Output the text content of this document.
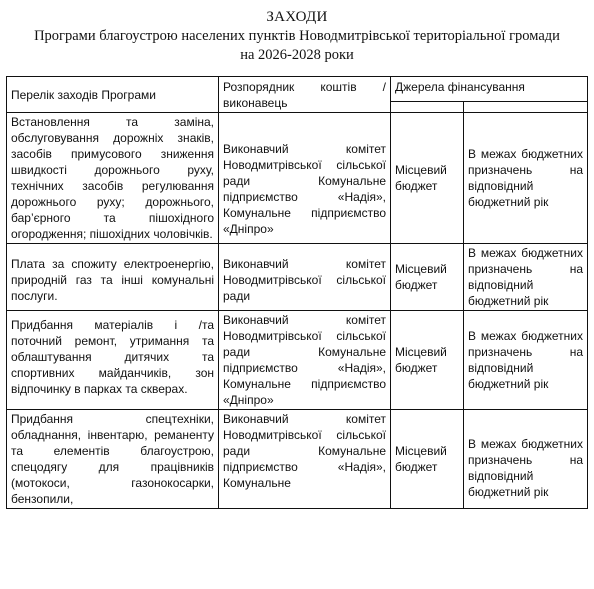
ЗАХОДИ
Програми благоустрою населених пунктів Новодмитрівської територіальної громади
на 2026-2028 роки
Перелік заходів Програми	Розпорядник коштів / виконавець	Джерела фінансування	

Встановлення та заміна, обслуговування дорожніх знаків, засобів примусового зниження швидкості дорожнього руху, технічних засобів регулювання дорожнього руху; дорожнього, бар’єрного та пішохідного огородження; пішохідних чоловічків.	Виконавчий комітет Новодмитрівської сільської ради Комунальне підприємство «Надія», Комунальне підприємство «Дніпро»	Місцевий бюджет	В межах бюджетних призначень на відповідний бюджетний рік
Плата за спожиту електроенергію, природній газ та інші комунальні послуги.	Виконавчий комітет Новодмитрівської сільської ради	Місцевий бюджет	В межах бюджетних призначень на відповідний бюджетний рік
Придбання матеріалів і /та поточний ремонт, утримання та облаштування дитячих та спортивних майданчиків, зон відпочинку в парках та скверах.	Виконавчий комітет Новодмитрівської сільської ради Комунальне підприємство «Надія», Комунальне підприємство «Дніпро»	Місцевий бюджет	В межах бюджетних призначень на відповідний бюджетний рік
Придбання спецтехніки, обладнання, інвентарю, реманенту та елементів благоустрою, спецодягу для працівників (мотокоси, газонокосарки, бензопили,	Виконавчий комітет Новодмитрівської сільської ради Комунальне підприємство «Надія», Комунальне	Місцевий бюджет	В межах бюджетних призначень на відповідний бюджетний рік
